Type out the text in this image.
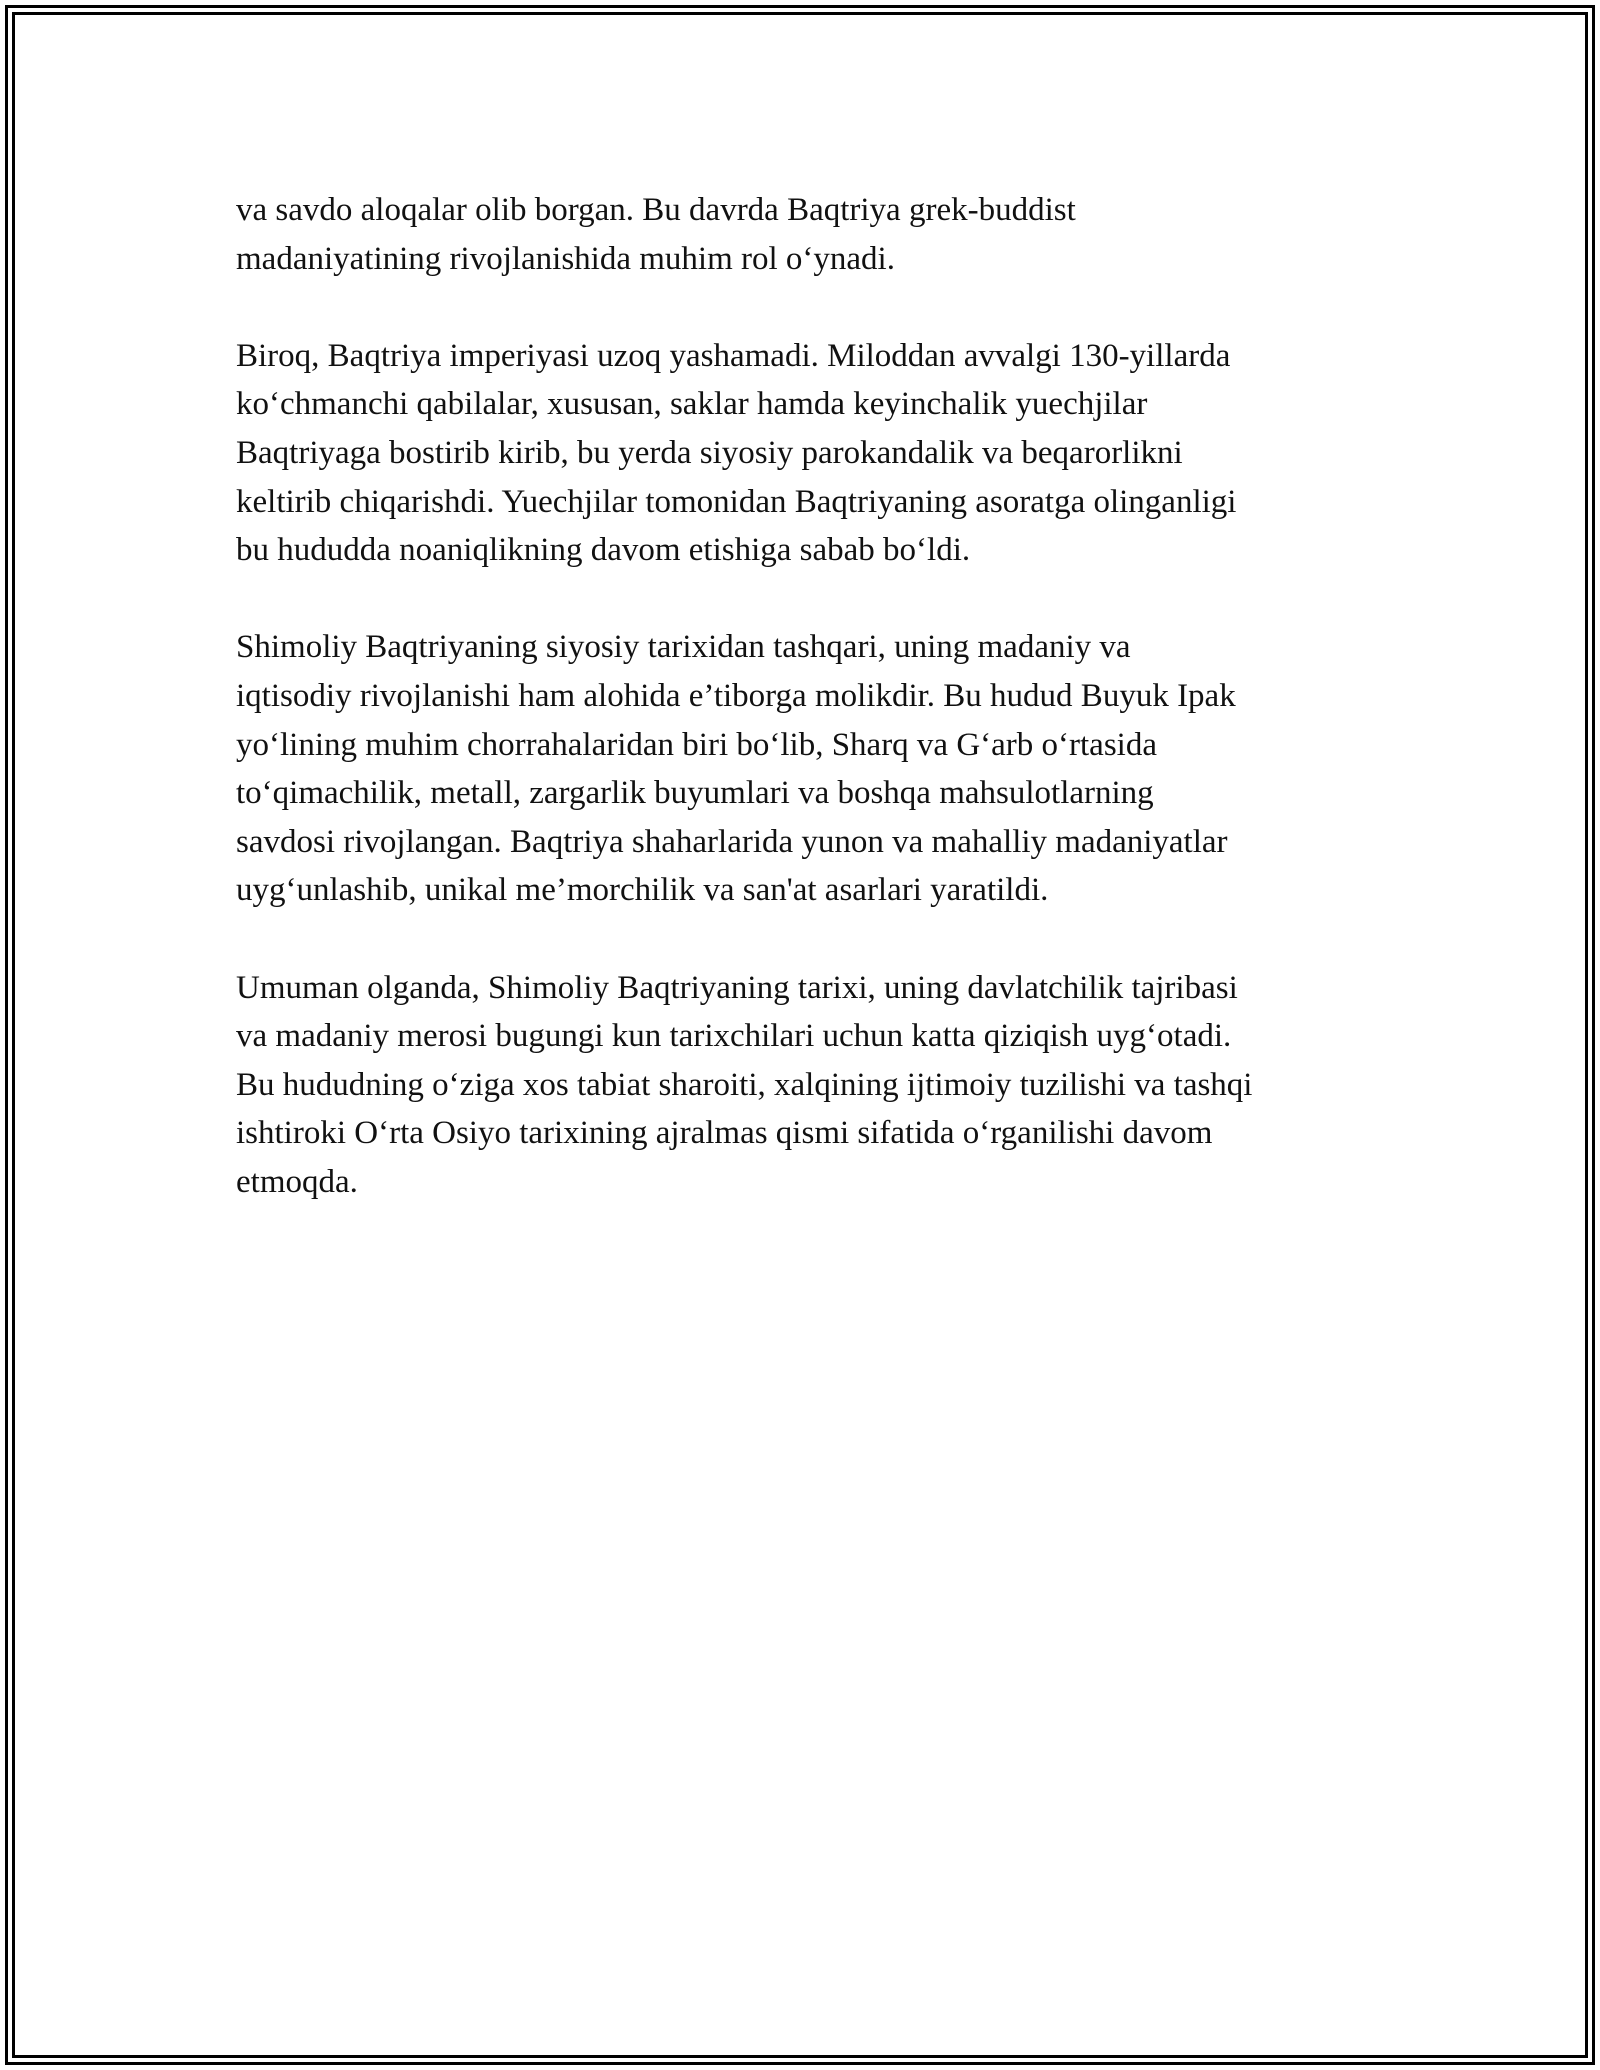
va savdo aloqalar olib borgan. Bu davrda Baqtriya grek-buddist
madaniyatining rivojlanishida muhim rol o‘ynadi.

Biroq, Baqtriya imperiyasi uzoq yashamadi. Miloddan avvalgi 130-yillarda
ko‘chmanchi qabilalar, xususan, saklar hamda keyinchalik yuechjilar
Baqtriyaga bostirib kirib, bu yerda siyosiy parokandalik va beqarorlikni
keltirib chiqarishdi. Yuechjilar tomonidan Baqtriyaning asoratga olinganligi
bu hududda noaniqlikning davom etishiga sabab bo‘ldi.

Shimoliy Baqtriyaning siyosiy tarixidan tashqari, uning madaniy va
iqtisodiy rivojlanishi ham alohida e’tiborga molikdir. Bu hudud Buyuk Ipak
yo‘lining muhim chorrahalaridan biri bo‘lib, Sharq va G‘arb o‘rtasida
to‘qimachilik, metall, zargarlik buyumlari va boshqa mahsulotlarning
savdosi rivojlangan. Baqtriya shaharlarida yunon va mahalliy madaniyatlar
uyg‘unlashib, unikal me’morchilik va san'at asarlari yaratildi.

Umuman olganda, Shimoliy Baqtriyaning tarixi, uning davlatchilik tajribasi
va madaniy merosi bugungi kun tarixchilari uchun katta qiziqish uyg‘otadi.
Bu hududning o‘ziga xos tabiat sharoiti, xalqining ijtimoiy tuzilishi va tashqi
ishtiroki O‘rta Osiyo tarixining ajralmas qismi sifatida o‘rganilishi davom
etmoqda.
